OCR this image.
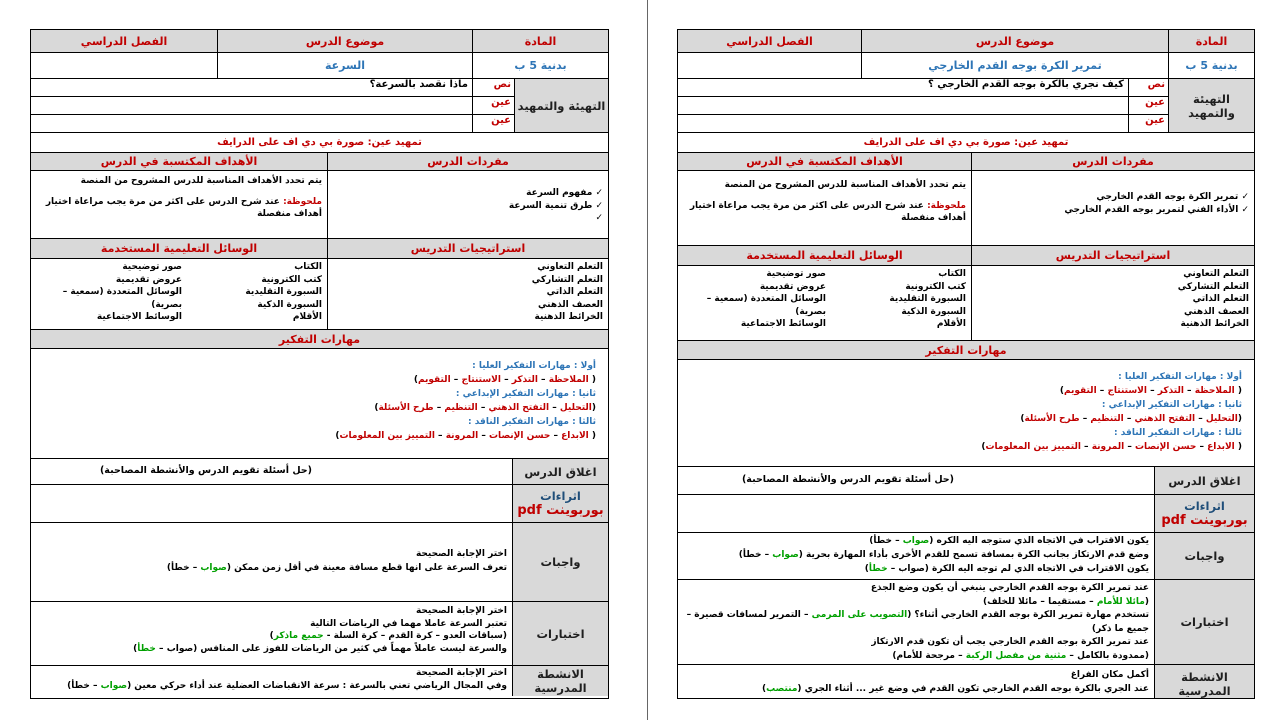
المادة
موضوع الدرس
الفصل الدراسي
بدنية 5 ب
تمرير الكرة بوجه القدم الخارجي
التهيئة والتمهيد
نص
عين
عين
كيف نجري بالكرة بوجه القدم الخارجي ؟
تمهيد عين: صورة بي دي اف على الدرايف
مفردات الدرس
الأهداف المكتسبة في الدرس
✓ تمرير الكرة بوجه القدم الخارجي
✓ الأداء الفني لتمرير بوجه القدم الخارجي
يتم تحدد الأهداف المناسبة للدرس المشروح من المنصة
ملحوظة: عند شرح الدرس على اكثر من مرة يجب مراعاة اختيار أهداف منفصلة
استراتيجيات التدريس
الوسائل التعليمية المستخدمة
التعلم التعاوني
التعلم التشاركي
التعلم الذاتي
العصف الذهني
الخرائط الذهنية
الكتاب
كتب الكترونية
السبورة التقليدية
السبورة الذكية
الأقلام
صور توضيحية
عروض تقديمية
الوسائل المتعددة (سمعية –
بصرية)
الوسائط الاجتماعية
مهارات التفكير
أولا : مهارات التفكير العليا :
( الملاحظة – التذكر – الاستنتاج – التقويم)
ثانيا : مهارات التفكير الإبداعي :
(التحليل – التفتح الذهني – التنظيم – طرح الأسئلة)
ثالثا : مهارات التفكير الناقد :
( الابداع – حسن الإنصات – المرونة – التمييز بين المعلومات)
اغلاق الدرس
(حل أسئلة تقويم الدرس والأنشطة المصاحبة)
اثراءات
بوربوينت pdf
واجبات
يكون الاقتراب في الاتجاه الذي ستوجه اليه الكره (صواب – خطأ)
وضع قدم الارتكاز بجانب الكرة بمسافة تسمح للقدم الأخرى بأداء المهارة بحرية (صواب – خطأ)
يكون الاقتراب في الاتجاه الذي لم توجه اليه الكرة (صواب – خطأ)
اختبارات
عند تمرير الكرة بوجه القدم الخارجي ينبغي أن يكون وضع الجذع
(مائلا للأمام – مستقيما – مائلا للخلف)
تستخدم مهارة تمرير الكرة بوجه القدم الخارجي أثناء؟ (التصويب على المرمى – التمرير لمسافات قصيرة – جميع ما ذكر)
عند تمرير الكرة بوجه القدم الخارجي يجب أن تكون قدم الارتكاز
(ممدودة بالكامل – مثنية من مفصل الركبة – مرجحة للأمام)
الانشطة المدرسية
أكمل مكان الفراغ
عند الجري بالكرة بوجه القدم الخارجي تكون القدم في وضع غير ... أثناء الجري (منتصب)
المادة
موضوع الدرس
الفصل الدراسي
بدنية 5 ب
السرعة
التهيئة والتمهيد
نص
عين
عين
ماذا نقصد بالسرعة؟
تمهيد عين: صورة بي دي اف على الدرايف
مفردات الدرس
الأهداف المكتسبة في الدرس
✓ مفهوم السرعة
✓ طرق تنمية السرعة
✓
يتم تحدد الأهداف المناسبة للدرس المشروح من المنصة
ملحوظة: عند شرح الدرس على اكثر من مرة يجب مراعاة اختيار أهداف منفصلة
استراتيجيات التدريس
الوسائل التعليمية المستخدمة
التعلم التعاوني
التعلم التشاركي
التعلم الذاتي
العصف الذهني
الخرائط الذهنية
الكتاب
كتب الكترونية
السبورة التقليدية
السبورة الذكية
الأقلام
صور توضيحية
عروض تقديمية
الوسائل المتعددة (سمعية –
بصرية)
الوسائط الاجتماعية
مهارات التفكير
أولا : مهارات التفكير العليا :
( الملاحظة – التذكر – الاستنتاج – التقويم)
ثانيا : مهارات التفكير الإبداعي :
(التحليل – التفتح الذهني – التنظيم – طرح الأسئلة)
ثالثا : مهارات التفكير الناقد :
( الابداع – حسن الإنصات – المرونة – التمييز بين المعلومات)
اغلاق الدرس
(حل أسئلة تقويم الدرس والأنشطة المصاحبة)
اثراءات
بوربوينت pdf
واجبات
اختر الإجابة الصحيحة
تعرف السرعة على انها قطع مسافة معينة في أقل زمن ممكن (صواب – خطأ)
اختبارات
اختر الإجابة الصحيحة
تعتبر السرعة عاملا مهما في الرياضات التالية
(سباقات العدو – كرة القدم – كرة السلة - جميع ماذكر)
والسرعة ليست عاملاً مهماً في كثير من الرياضات للفوز على المنافس (صواب – خطأ)
الانشطة المدرسية
اختر الإجابة الصحيحة
وفي المجال الرياضي تعني بالسرعة : سرعة الانقباضات العضلية عند أداء حركي معين (صواب – خطأ)
